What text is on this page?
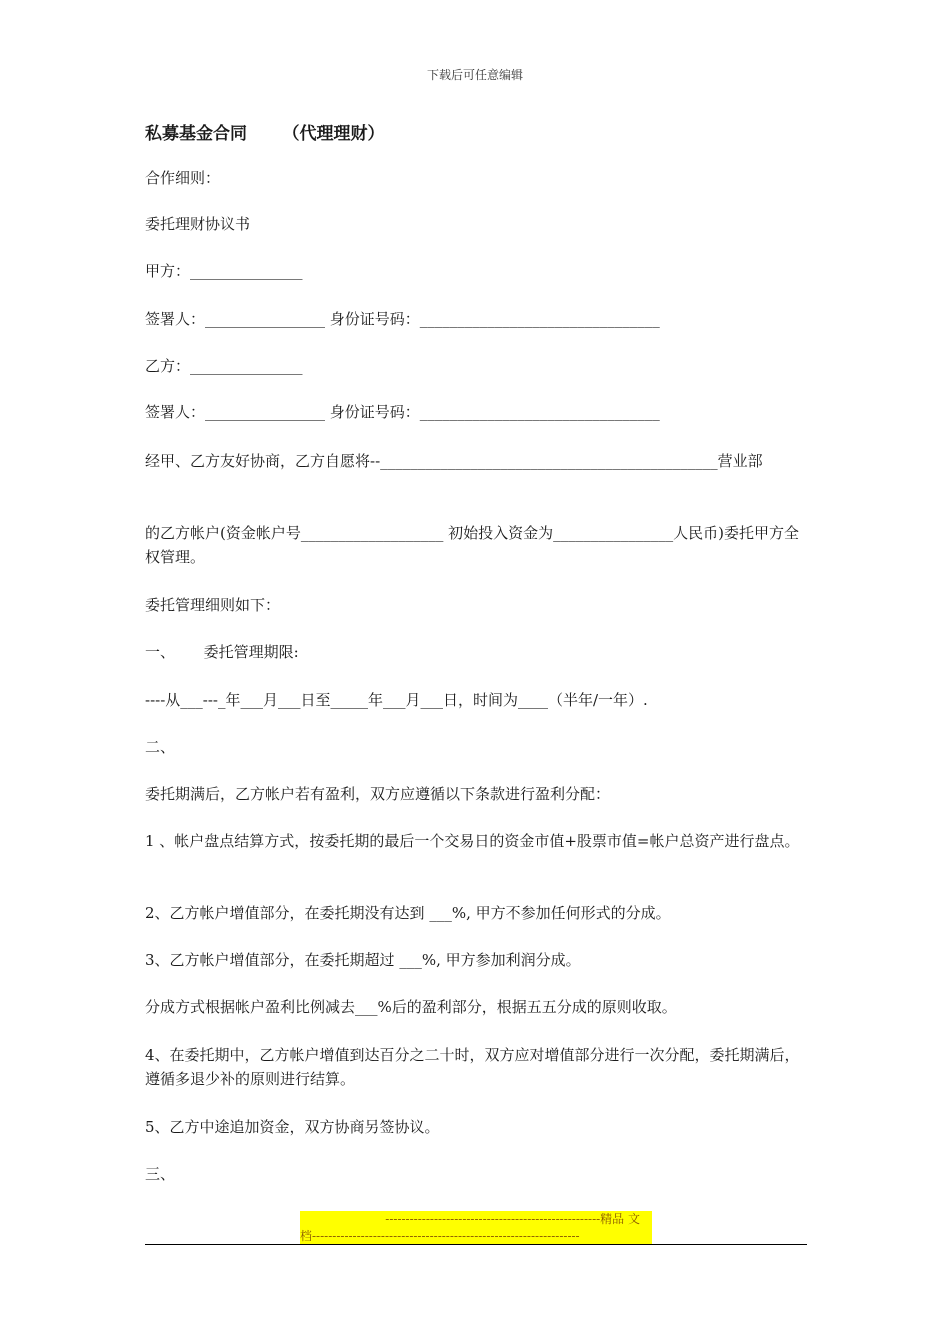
下载后可任意编辑
私募基金合同      （代理理财）
合作细则：
委托理财协议书
甲方：_______________
签署人：________________ 身份证号码：________________________________
乙方：_______________
签署人：________________ 身份证号码：________________________________
经甲、乙方友好协商，乙方自愿将--_____________________________________________营业部
的乙方帐户(资金帐户号___________________ 初始投入资金为________________人民币)委托甲方全权管理。
委托管理细则如下：
一、      委托管理期限:
----从___---_年___月___日至_____年___月___日，时间为____（半年/一年）.
二、
委托期满后，乙方帐户若有盈利，双方应遵循以下条款进行盈利分配：
1 、帐户盘点结算方式，按委托期的最后一个交易日的资金市值+股票市值=帐户总资产进行盘点。
2、乙方帐户增值部分，在委托期没有达到 ___%, 甲方不参加任何形式的分成。
3、乙方帐户增值部分，在委托期超过 ___%, 甲方参加利润分成。
分成方式根据帐户盈利比例减去___%后的盈利部分，根据五五分成的原则收取。
4、在委托期中，乙方帐户增值到达百分之二十时，双方应对增值部分进行一次分配，委托期满后，遵循多退少补的原则进行结算。
5、乙方中途追加资金，双方协商另签协议。
三、
-----------------------------------------------------精品 文
档------------------------------------------------------------------
